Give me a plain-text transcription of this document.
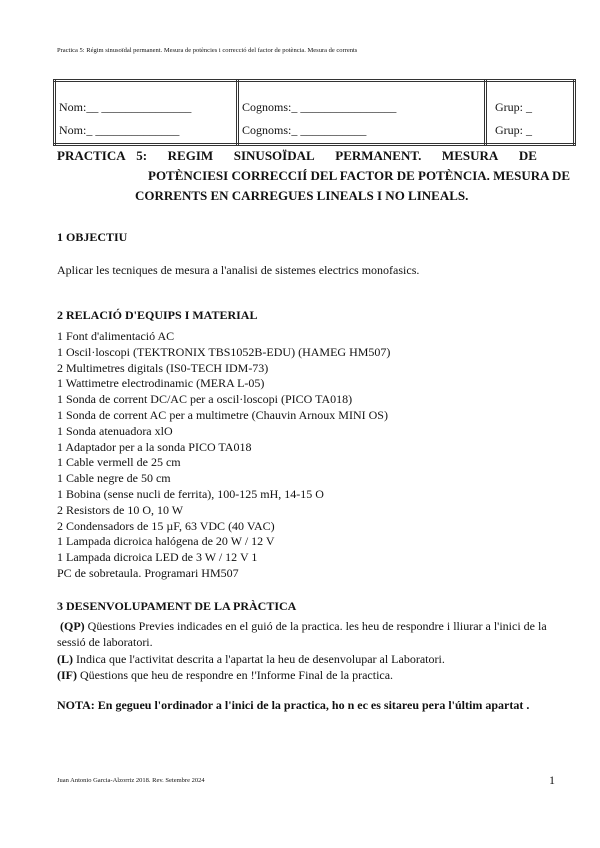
Practica 5: Régim sinusoïdal permanent. Mesura de potències i correcció del factor de potència. Mesura de corrents
Nom:__ _______________
Nom:_ ______________

Cognoms:_ ________________
Cognoms:_ ___________

Grup: _
Grup: _
PRACTICA 5: REGIM SINUSOÏDAL PERMANENT. MESURA DE
POTÈNCIESI CORRECCIÍ DEL FACTOR DE POTÈNCIA. MESURA DE
CORRENTS EN CARREGUES LINEALS I NO LINEALS.
1 OBJECTIU
Aplicar les tecniques de mesura a l'analisi de sistemes electrics monofasics.
2 RELACIÓ D'EQUIPS I MATERIAL
1 Font d'alimentació AC
1 Oscil·loscopi (TEKTRONIX TBS1052B-EDU) (HAMEG HM507)
2 Multimetres digitals (IS0-TECH IDM-73)
1 Wattimetre electrodinamic (MERA L-05)
1 Sonda de corrent DC/AC per a oscil·loscopi (PICO TA018)
1 Sonda de corrent AC per a multimetre (Chauvin Arnoux MINI OS)
1 Sonda atenuadora xlO
1 Adaptador per a la sonda PICO TA018
1 Cable vermell de 25 cm
1 Cable negre de 50 cm
1 Bobina (sense nucli de ferrita), 100-125 mH, 14-15 O
2 Resistors de 10 O, 10 W
2 Condensadors de 15 µF, 63 VDC (40 VAC)
1 Lampada dicroica halógena de 20 W / 12 V
1 Lampada dicroica LED de 3 W / 12 V 1
PC de sobretaula. Programari HM507
3 DESENVOLUPAMENT DE LA PRÀCTICA
(QP) Qüestions Previes indicades en el guió de la practica. les heu de respondre i lliurar a l'inici de la
sessió de laboratori.
(L) Indica que l'activitat descrita a l'apartat la heu de desenvolupar al Laboratori.
(IF) Qüestions que heu de respondre en !'Informe Final de la practica.
NOTA: En gegueu l'ordinador a l'inici de la practica, ho n ec es sitareu pera l'últim apartat .
Juan Antonio Garcia-Alzorriz 2018. Rev. Setembre 2024	1
